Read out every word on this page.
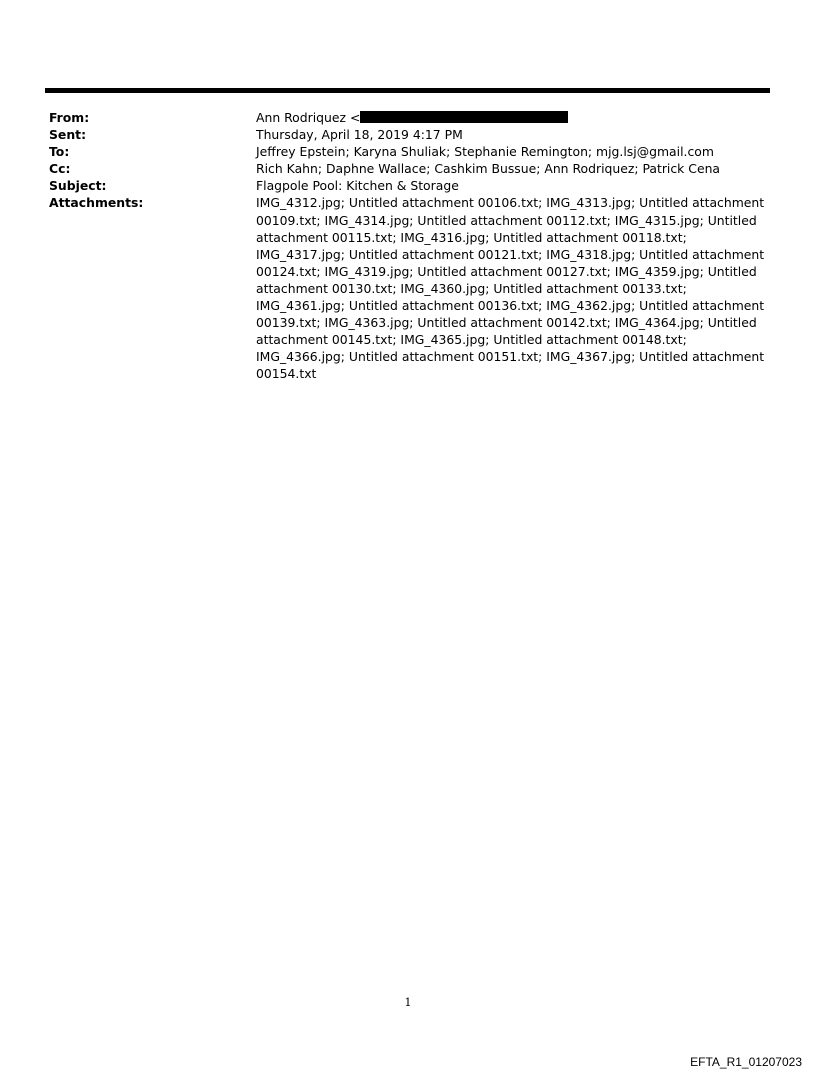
From:	Ann Rodriquez <
Sent:	Thursday, April 18, 2019 4:17 PM
To:	Jeffrey Epstein; Karyna Shuliak; Stephanie Remington; mjg.lsj@gmail.com
Cc:	Rich Kahn; Daphne Wallace; Cashkim Bussue; Ann Rodriquez; Patrick Cena
Subject:	Flagpole Pool: Kitchen & Storage
Attachments:	IMG_4312.jpg; Untitled attachment 00106.txt; IMG_4313.jpg; Untitled attachment 00109.txt; IMG_4314.jpg; Untitled attachment 00112.txt; IMG_4315.jpg; Untitled attachment 00115.txt; IMG_4316.jpg; Untitled attachment 00118.txt; IMG_4317.jpg; Untitled attachment 00121.txt; IMG_4318.jpg; Untitled attachment 00124.txt; IMG_4319.jpg; Untitled attachment 00127.txt; IMG_4359.jpg; Untitled attachment 00130.txt; IMG_4360.jpg; Untitled attachment 00133.txt; IMG_4361.jpg; Untitled attachment 00136.txt; IMG_4362.jpg; Untitled attachment 00139.txt; IMG_4363.jpg; Untitled attachment 00142.txt; IMG_4364.jpg; Untitled attachment 00145.txt; IMG_4365.jpg; Untitled attachment 00148.txt; IMG_4366.jpg; Untitled attachment 00151.txt; IMG_4367.jpg; Untitled attachment 00154.txt
1
EFTA_R1_01207023
